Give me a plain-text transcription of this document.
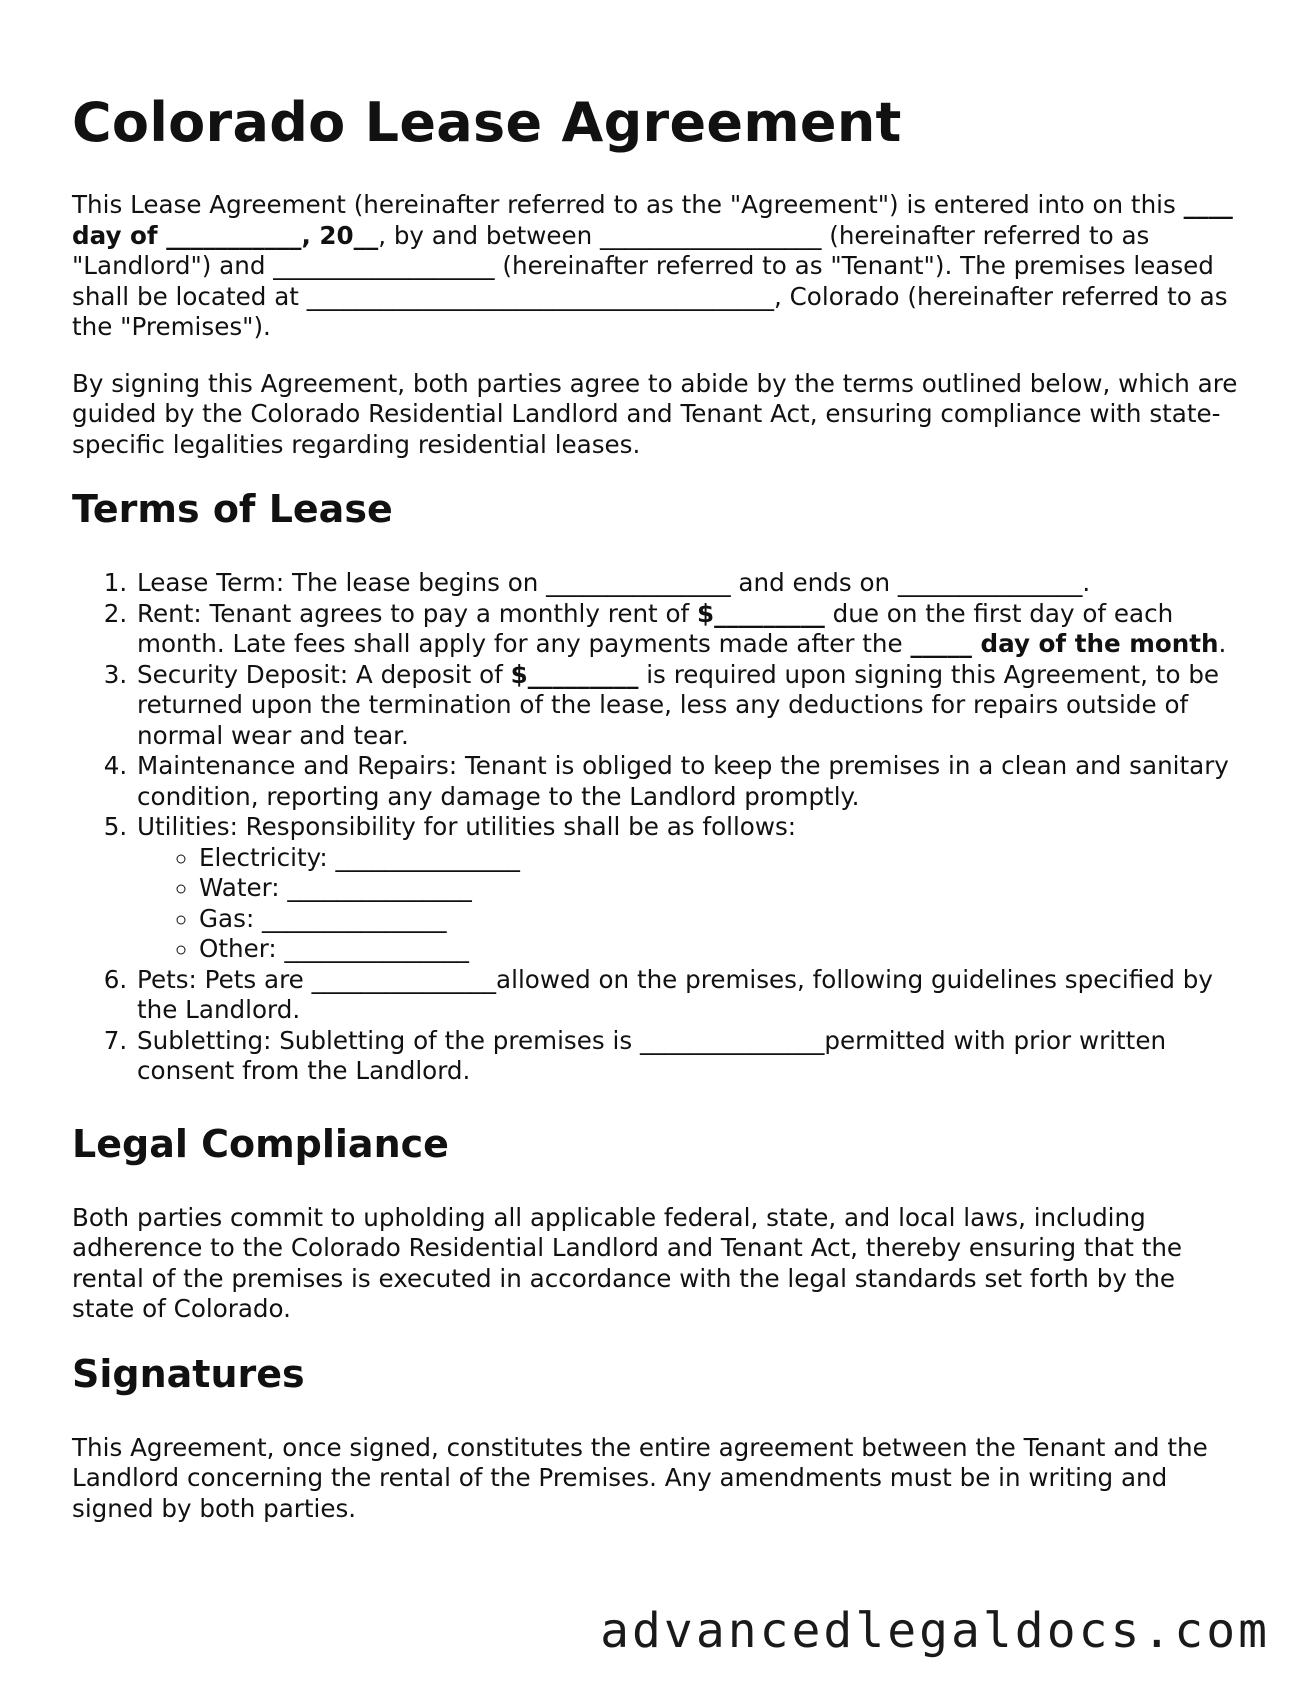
Colorado Lease Agreement

This Lease Agreement (hereinafter referred to as the "Agreement") is entered into on this ____ day of ___________, 20__, by and between __________________ (hereinafter referred to as "Landlord") and __________________ (hereinafter referred to as "Tenant"). The premises leased shall be located at ______________________________________, Colorado (hereinafter referred to as the "Premises").

By signing this Agreement, both parties agree to abide by the terms outlined below, which are guided by the Colorado Residential Landlord and Tenant Act, ensuring compliance with state-specific legalities regarding residential leases.

Terms of Lease
1. Lease Term: The lease begins on _______________ and ends on _______________.
2. Rent: Tenant agrees to pay a monthly rent of $_________ due on the first day of each month. Late fees shall apply for any payments made after the _____ day of the month.
3. Security Deposit: A deposit of $_________ is required upon signing this Agreement, to be returned upon the termination of the lease, less any deductions for repairs outside of normal wear and tear.
4. Maintenance and Repairs: Tenant is obliged to keep the premises in a clean and sanitary condition, reporting any damage to the Landlord promptly.
5. Utilities: Responsibility for utilities shall be as follows:
◦ Electricity: _______________
◦ Water: _______________
◦ Gas: _______________
◦ Other: _______________
6. Pets: Pets are _______________allowed on the premises, following guidelines specified by the Landlord.
7. Subletting: Subletting of the premises is _______________permitted with prior written consent from the Landlord.
Legal Compliance

Both parties commit to upholding all applicable federal, state, and local laws, including adherence to the Colorado Residential Landlord and Tenant Act, thereby ensuring that the rental of the premises is executed in accordance with the legal standards set forth by the state of Colorado.

Signatures

This Agreement, once signed, constitutes the entire agreement between the Tenant and the Landlord concerning the rental of the Premises. Any amendments must be in writing and signed by both parties.

advancedlegaldocs.com
